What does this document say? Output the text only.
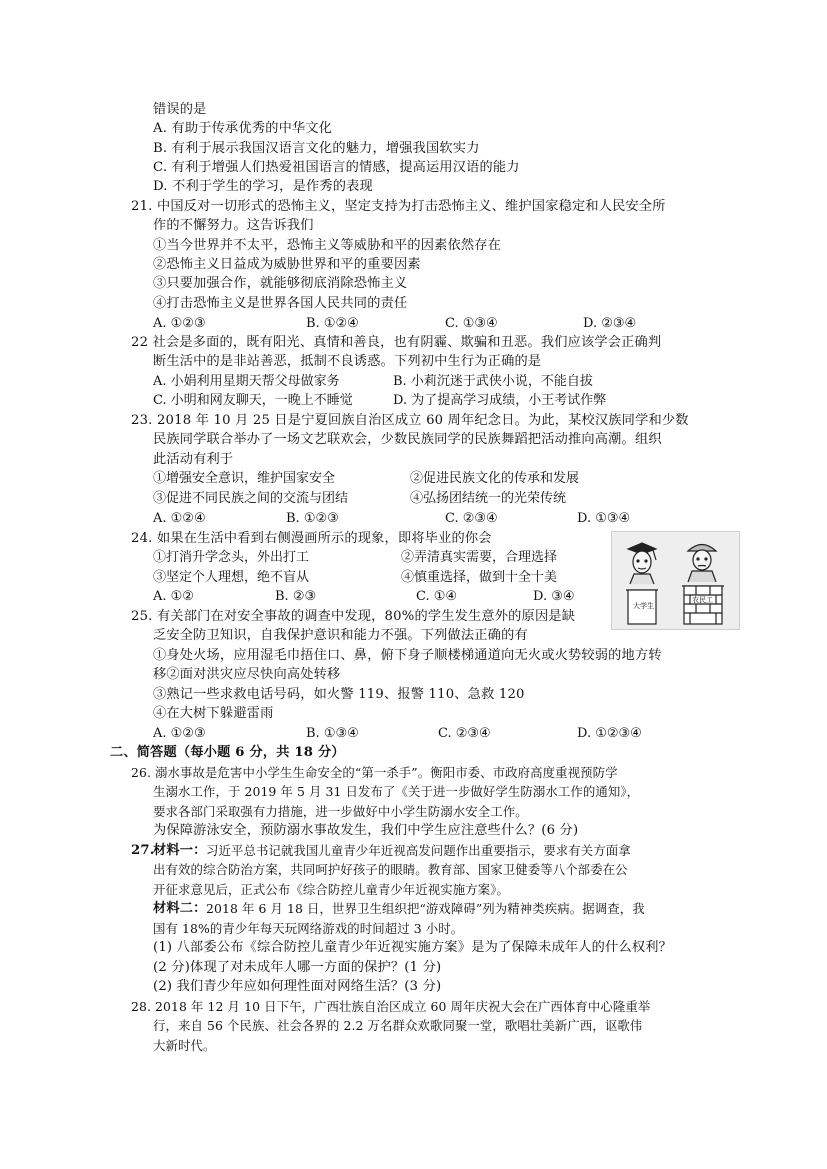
错误的是
A. 有助于传承优秀的中华文化
B. 有利于展示我国汉语言文化的魅力，增强我国软实力
C. 有利于增强人们热爱祖国语言的情感，提高运用汉语的能力
D. 不利于学生的学习，是作秀的表现
21. 中国反对一切形式的恐怖主义，坚定支持为打击恐怖主义、维护国家稳定和人民安全所
作的不懈努力。这告诉我们
①当今世界并不太平，恐怖主义等威胁和平的因素依然存在
②恐怖主义日益成为威胁世界和平的重要因素
③只要加强合作，就能够彻底消除恐怖主义
④打击恐怖主义是世界各国人民共同的责任
A. ①②③	B. ①②④	C. ①③④	D. ②③④
22 社会是多面的，既有阳光、真情和善良，也有阴霾、欺骗和丑恶。我们应该学会正确判
断生活中的是非站善恶，抵制不良诱惑。下列初中生行为正确的是
A. 小娟利用星期天帮父母做家务	B. 小莉沉迷于武侠小说，不能自拔
C. 小明和网友聊天，一晚上不睡觉	D. 为了提高学习成绩，小王考试作弊
23. 2018 年 10 月 25 日是宁夏回族自治区成立 60 周年纪念日。为此，某校汉族同学和少数
民族同学联合举办了一场文艺联欢会，少数民族同学的民族舞蹈把活动推向高潮。组织
此活动有利于
①增强安全意识，维护国家安全	②促进民族文化的传承和发展
③促进不同民族之间的交流与团结	④弘扬团结统一的光荣传统
A. ①②④	B. ①②③	C. ②③④	D. ①③④
24. 如果在生活中看到右侧漫画所示的现象，即将毕业的你会
①打消升学念头，外出打工	②弄清真实需要，合理选择
③坚定个人理想，绝不盲从	④慎重选择，做到十全十美
A. ①②	B. ②③	C. ①④	D. ③④
大学生
农民工
25. 有关部门在对安全事故的调查中发现，80%的学生发生意外的原因是缺
乏安全防卫知识，自我保护意识和能力不强。下列做法正确的有
①身处火场，应用湿毛巾捂住口、鼻，俯下身子顺楼梯通道向无火或火势较弱的地方转
移②面对洪灾应尽快向高处转移
③熟记一些求救电话号码，如火警 119、报警 110、急救 120
④在大树下躲避雷雨
A. ①②③	B. ①③④	C. ②③④	D. ①②③④
二、简答题（每小题 6 分，共 18 分）
26. 溺水事故是危害中小学生生命安全的“第一杀手”。衡阳市委、市政府高度重视预防学
生溺水工作，于 2019 年 5 月 31 日发布了《关于进一步做好学生防溺水工作的通知》，
要求各部门采取强有力措施，进一步做好中小学生防溺水安全工作。
为保障游泳安全，预防溺水事故发生，我们中学生应注意些什么？(6 分)
27.
材料一： 习近平总书记就我国儿童青少年近视高发问题作出重要指示，要求有关方面拿
出有效的综合防治方案，共同呵护好孩子的眼睛。教育部、国家卫健委等八个部委在公
开征求意见后，正式公布《综合防控儿童青少年近视实施方案》。
材料二： 2018 年 6 月 18 日，世界卫生组织把“游戏障碍”列为精神类疾病。据调查，我
国有 18%的青少年每天玩网络游戏的时间超过 3 小时。
(1) 八部委公布《综合防控儿童青少年近视实施方案》是为了保障未成年人的什么权利？
(2 分)体现了对未成年人哪一方面的保护？(1 分)
(2) 我们青少年应如何理性面对网络生活？(3 分)
28. 2018 年 12 月 10 日下午，广西壮族自治区成立 60 周年庆祝大会在广西体育中心隆重举
行，来自 56 个民族、社会各界的 2.2 万名群众欢歌同聚一堂，歌唱壮美新广西，讴歌伟
大新时代。
